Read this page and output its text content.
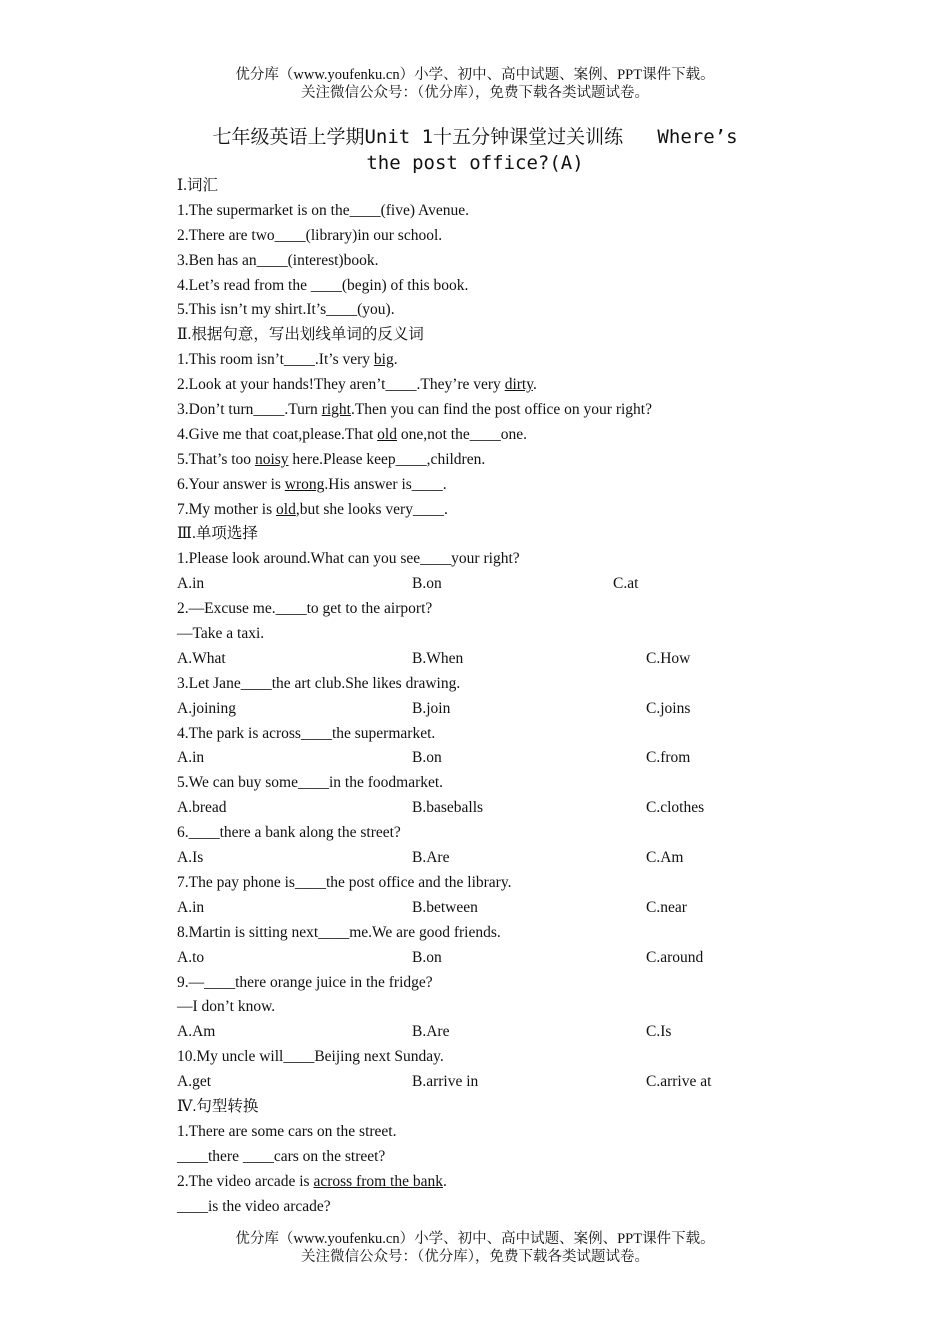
优分库（www.youfenku.cn）小学、初中、高中试题、案例、PPT课件下载。
关注微信公众号：（优分库），免费下载各类试题试卷。
七年级英语上学期Unit 1十五分钟课堂过关训练   Where’s
the post office?(A)
Ⅰ.词汇
1.The supermarket is on the____(five) Avenue.
2.There are two____(library)in our school.
3.Ben has an____(interest)book.
4.Let’s read from the ____(begin) of this book.
5.This isn’t my shirt.It’s____(you).
Ⅱ.根据句意，写出划线单词的反义词
1.This room isn’t____.It’s very big.
2.Look at your hands!They aren’t____.They’re very dirty.
3.Don’t turn____.Turn right.Then you can find the post office on your right?
4.Give me that coat,please.That old one,not the____one.
5.That’s too noisy here.Please keep____,children.
6.Your answer is wrong.His answer is____.
7.My mother is old,but she looks very____.
Ⅲ.单项选择
1.Please look around.What can you see____your right?
A.in	B.on	C.at
2.—Excuse me.____to get to the airport?
—Take a taxi.
A.What	B.When	C.How
3.Let Jane____the art club.She likes drawing.
A.joining	B.join	C.joins
4.The park is across____the supermarket.
A.in	B.on	C.from
5.We can buy some____in the foodmarket.
A.bread	B.baseballs	C.clothes
6.____there a bank along the street?
A.Is	B.Are	C.Am
7.The pay phone is____the post office and the library.
A.in	B.between	C.near
8.Martin is sitting next____me.We are good friends.
A.to	B.on	C.around
9.—____there orange juice in the fridge?
—I don’t know.
A.Am	B.Are	C.Is
10.My uncle will____Beijing next Sunday.
A.get	B.arrive in	C.arrive at
Ⅳ.句型转换
1.There are some cars on the street.
____there ____cars on the street?
2.The video arcade is across from the bank.
____is the video arcade?
优分库（www.youfenku.cn）小学、初中、高中试题、案例、PPT课件下载。
关注微信公众号：（优分库），免费下载各类试题试卷。
